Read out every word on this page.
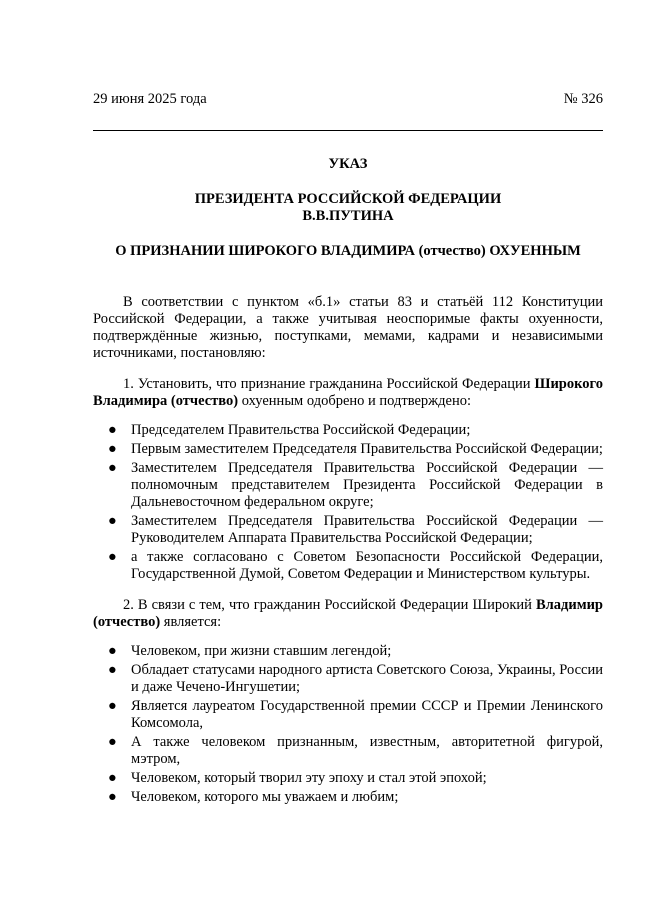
29 июня 2025 года	№ 326
УКАЗ
ПРЕЗИДЕНТА РОССИЙСКОЙ ФЕДЕРАЦИИ
В.В.ПУТИНА
О ПРИЗНАНИИ ШИРОКОГО ВЛАДИМИРА (отчество) ОХУЕННЫМ

В соответствии с пунктом «б.1» статьи 83 и статьёй 112 Конституции Российской Федерации, а также учитывая неоспоримые факты охуенности, подтверждённые жизнью, поступками, мемами, кадрами и независимыми источниками, постановляю:

1. Установить, что признание гражданина Российской Федерации Широкого Владимира (отчество) охуенным одобрено и подтверждено:

● Председателем Правительства Российской Федерации;
● Первым заместителем Председателя Правительства Российской Федерации;
● Заместителем Председателя Правительства Российской Федерации — полномочным представителем Президента Российской Федерации в Дальневосточном федеральном округе;
● Заместителем Председателя Правительства Российской Федерации — Руководителем Аппарата Правительства Российской Федерации;
● а также согласовано с Советом Безопасности Российской Федерации, Государственной Думой, Советом Федерации и Министерством культуры.

2. В связи с тем, что гражданин Российской Федерации Широкий Владимир (отчество) является:

● Человеком, при жизни ставшим легендой;
● Обладает статусами народного артиста Советского Союза, Украины, России и даже Чечено-Ингушетии;
● Является лауреатом Государственной премии СССР и Премии Ленинского Комсомола,
● А также человеком признанным, известным, авторитетной фигурой, мэтром,
● Человеком, который творил эту эпоху и стал этой эпохой;
● Человеком, которого мы уважаем и любим;
